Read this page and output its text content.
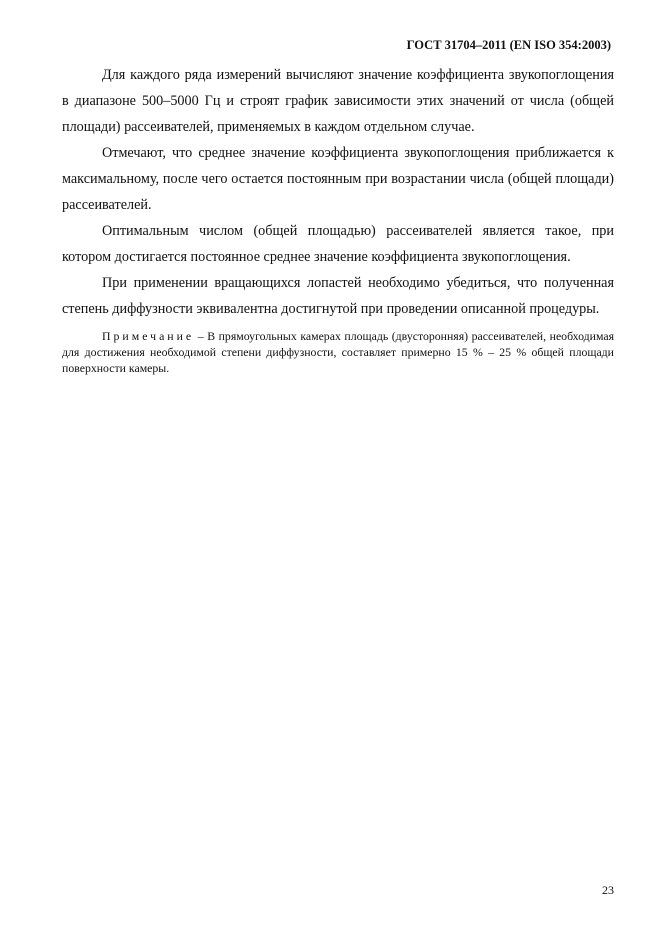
ГОСТ 31704–2011 (EN ISO 354:2003)

Для каждого ряда измерений вычисляют значение коэффициента звукопоглощения в диапазоне 500–5000 Гц и строят график зависимости этих значений от числа (общей площади) рассеивателей, применяемых в каждом отдельном случае.

Отмечают, что среднее значение коэффициента звукопоглощения приближается к максимальному, после чего остается постоянным при возрастании числа (общей площади) рассеивателей.

Оптимальным числом (общей площадью) рассеивателей является такое, при котором достигается постоянное среднее значение коэффициента звукопоглощения.

При применении вращающихся лопастей необходимо убедиться, что полученная степень диффузности эквивалентна достигнутой при проведении описанной процедуры.

Примечание – В прямоугольных камерах площадь (двусторонняя) рассеивателей, необходимая для достижения необходимой степени диффузности, составляет примерно 15 % – 25 % общей площади поверхности камеры.

23
